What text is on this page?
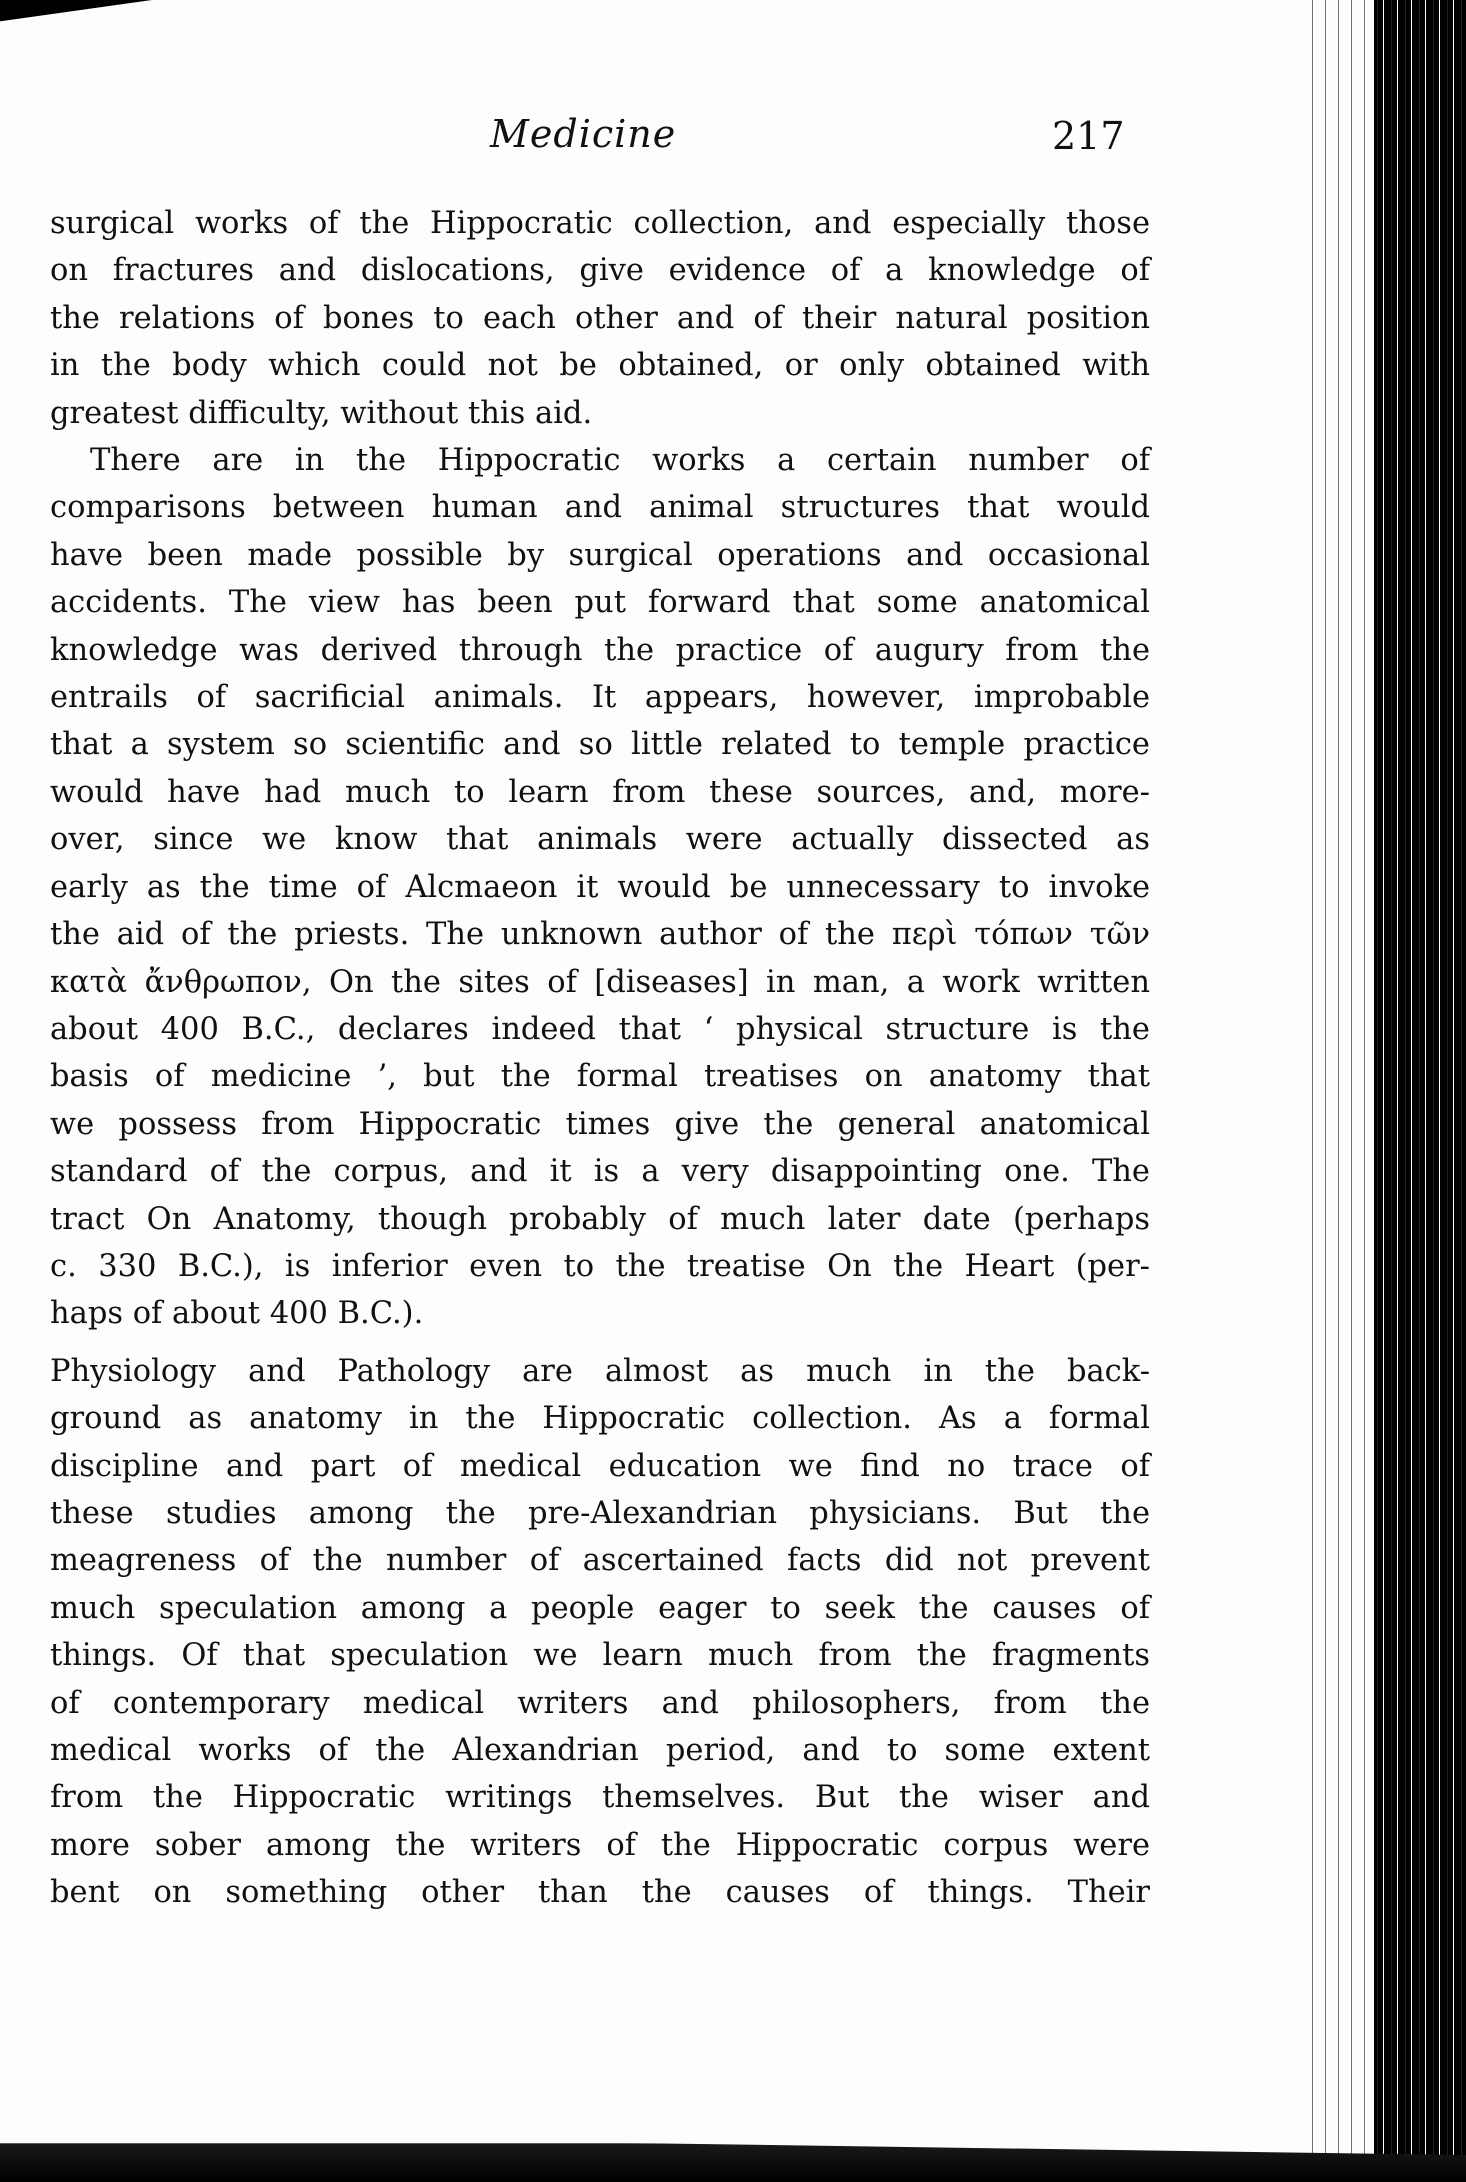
Medicine	217
surgical works of the Hippocratic collection, and especially those
on fractures and dislocations, give evidence of a knowledge of
the relations of bones to each other and of their natural position
in the body which could not be obtained, or only obtained with
greatest difficulty, without this aid.
There are in the Hippocratic works a certain number of
comparisons between human and animal structures that would
have been made possible by surgical operations and occasional
accidents. The view has been put forward that some anatomical
knowledge was derived through the practice of augury from the
entrails of sacrificial animals. It appears, however, improbable
that a system so scientific and so little related to temple practice
would have had much to learn from these sources, and, more-
over, since we know that animals were actually dissected as
early as the time of Alcmaeon it would be unnecessary to invoke
the aid of the priests. The unknown author of the περὶ τόπων τῶν
κατὰ ἄνθρωπον, On the sites of [diseases] in man, a work written
about 400 B.C., declares indeed that ‘ physical structure is the
basis of medicine ’, but the formal treatises on anatomy that
we possess from Hippocratic times give the general anatomical
standard of the corpus, and it is a very disappointing one. The
tract On Anatomy, though probably of much later date (perhaps
c. 330 B.C.), is inferior even to the treatise On the Heart (per-
haps of about 400 B.C.).
Physiology and Pathology are almost as much in the back-
ground as anatomy in the Hippocratic collection. As a formal
discipline and part of medical education we find no trace of
these studies among the pre-Alexandrian physicians. But the
meagreness of the number of ascertained facts did not prevent
much speculation among a people eager to seek the causes of
things. Of that speculation we learn much from the fragments
of contemporary medical writers and philosophers, from the
medical works of the Alexandrian period, and to some extent
from the Hippocratic writings themselves. But the wiser and
more sober among the writers of the Hippocratic corpus were
bent on something other than the causes of things. Their
